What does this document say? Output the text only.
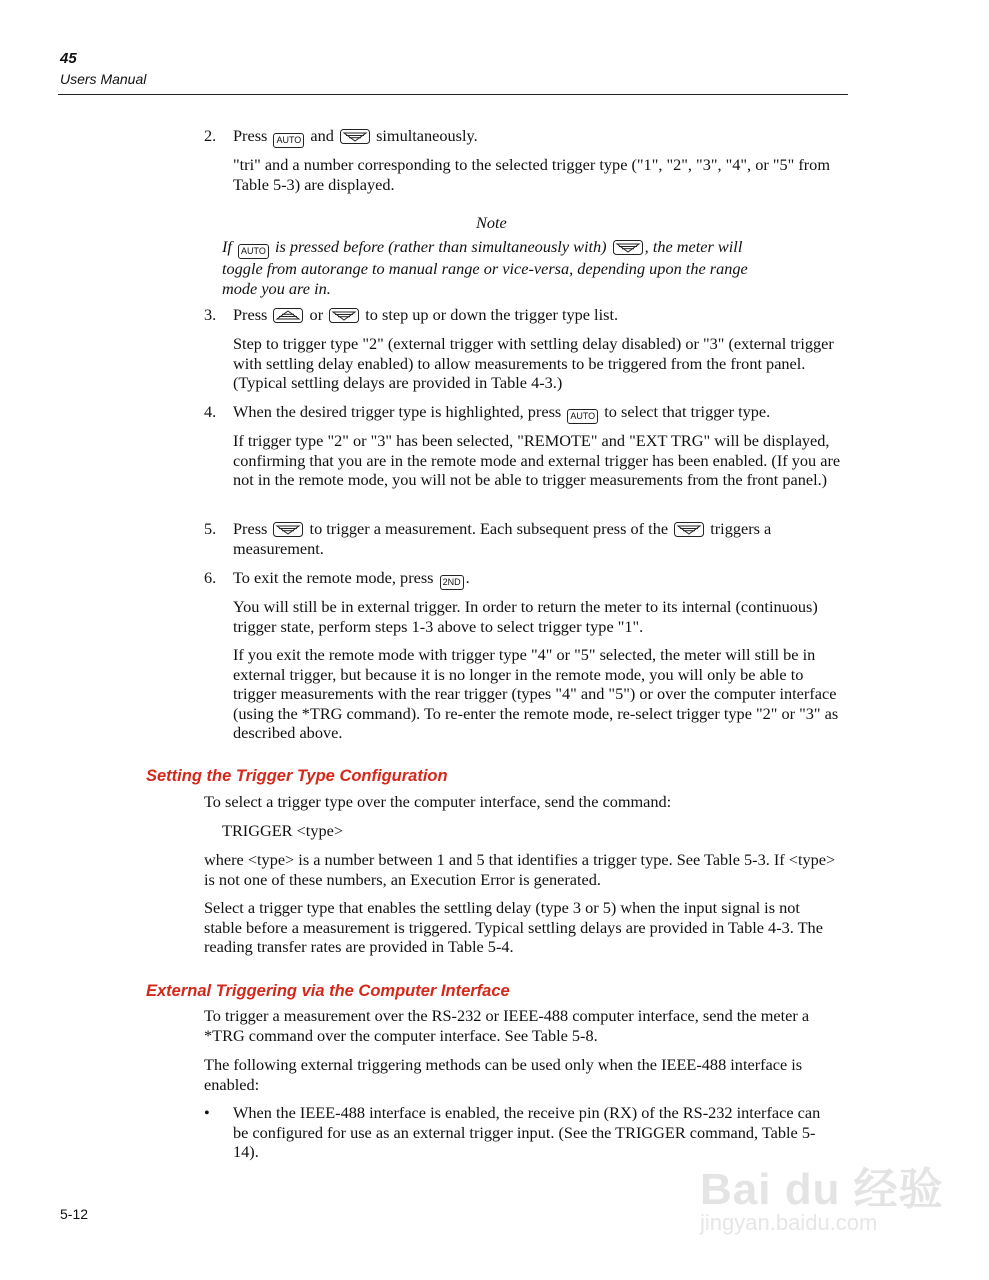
45
Users Manual
2. Press AUTO and	simultaneously.
"tri" and a number corresponding to the selected trigger type ("1", "2", "3", "4", or "5" from Table 5-3) are displayed.
Note
If AUTO is pressed before (rather than simultaneously with) , the meter will toggle from autorange to manual range or vice-versa, depending upon the range mode you are in.
3. Press	or	to step up or down the trigger type list.
Step to trigger type "2" (external trigger with settling delay disabled) or "3" (external trigger with settling delay enabled) to allow measurements to be triggered from the front panel. (Typical settling delays are provided in Table 4-3.)
4. When the desired trigger type is highlighted, press AUTO to select that trigger type.
If trigger type "2" or "3" has been selected, "REMOTE" and "EXT TRG" will be displayed, confirming that you are in the remote mode and external trigger has been enabled. (If you are not in the remote mode, you will not be able to trigger measurements from the front panel.)
5. Press	to trigger a measurement. Each subsequent press of the	triggers a measurement.
6. To exit the remote mode, press 2ND .
You will still be in external trigger. In order to return the meter to its internal (continuous) trigger state, perform steps 1-3 above to select trigger type "1".
If you exit the remote mode with trigger type "4" or "5" selected, the meter will still be in external trigger, but because it is no longer in the remote mode, you will only be able to trigger measurements with the rear trigger (types "4" and "5") or over the computer interface (using the *TRG command). To re-enter the remote mode, re-select trigger type "2" or "3" as described above.
Setting the Trigger Type Configuration
To select a trigger type over the computer interface, send the command:
TRIGGER <type>
where <type> is a number between 1 and 5 that identifies a trigger type. See Table 5-3. If <type> is not one of these numbers, an Execution Error is generated.
Select a trigger type that enables the settling delay (type 3 or 5) when the input signal is not stable before a measurement is triggered. Typical settling delays are provided in Table 4-3. The reading transfer rates are provided in Table 5-4.
External Triggering via the Computer Interface
To trigger a measurement over the RS-232 or IEEE-488 computer interface, send the meter a *TRG command over the computer interface. See Table 5-8.
The following external triggering methods can be used only when the IEEE-488 interface is enabled:
• When the IEEE-488 interface is enabled, the receive pin (RX) of the RS-232 interface can be configured for use as an external trigger input. (See the TRIGGER command, Table 5-14).
5-12	Bai du 经验
jingyan.baidu.com
